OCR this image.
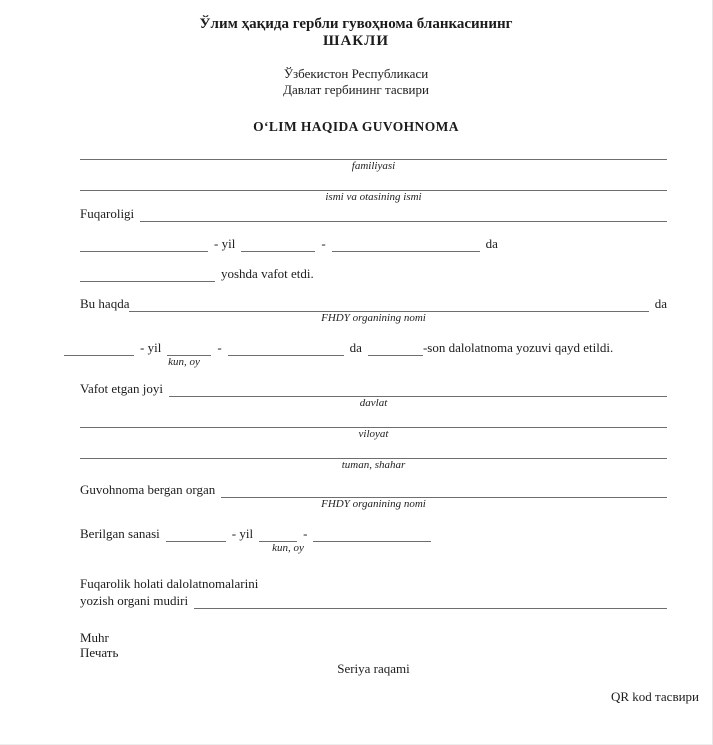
Ўлим ҳақида гербли гувоҳнома бланкасининг
ШАКЛИ
Ўзбекистон Республикаси
Давлат гербининг тасвири
OʻLIM HAQIDA GUVOHNOMA
familiyasi
ismi va otasining ismi
Fuqaroligi
- yil	-	da
yoshda vafot etdi.
Bu haqda	da
FHDY organining nomi
- yil	-	da	-son dalolatnoma yozuvi qayd etildi.
kun, oy
Vafot etgan joyi
davlat
viloyat
tuman, shahar
Guvohnoma bergan organ
FHDY organining nomi
Berilgan sanasi	- yil	-
kun, oy
Fuqarolik holati dalolatnomalarini
yozish organi mudiri
Muhr
Печать
Seriya raqami
QR kod тасвири
